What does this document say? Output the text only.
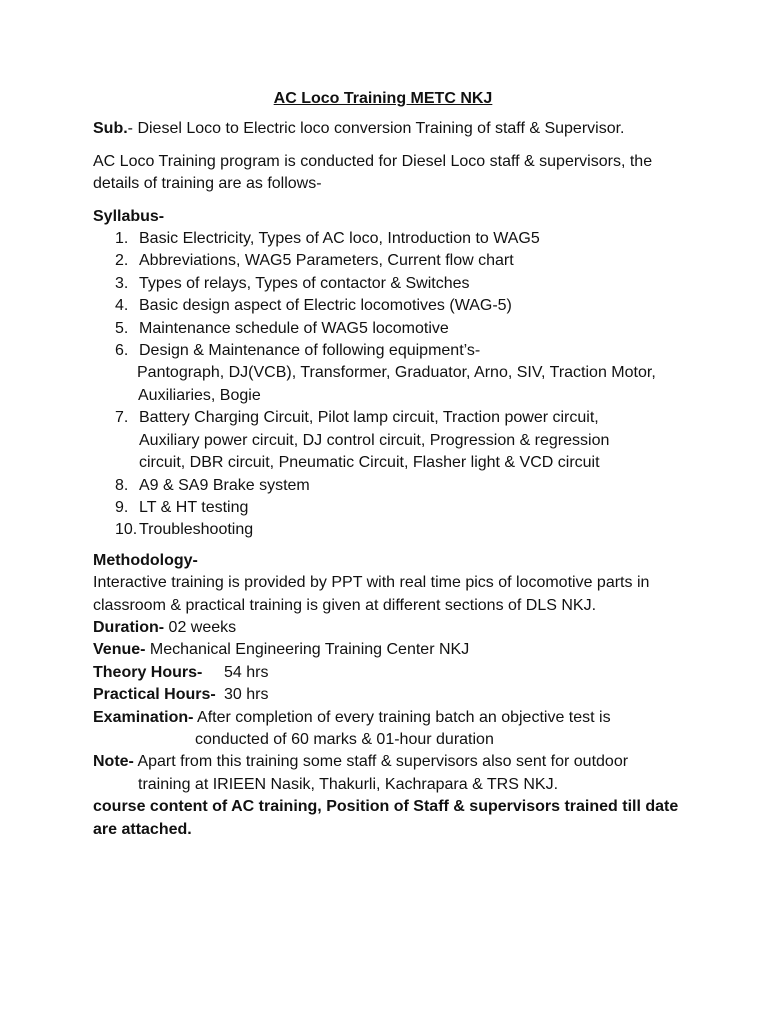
AC Loco Training METC NKJ

Sub.- Diesel Loco to Electric loco conversion Training of staff & Supervisor.

AC Loco Training program is conducted for Diesel Loco staff & supervisors, the details of training are as follows-

Syllabus-

1. Basic Electricity, Types of AC loco, Introduction to WAG5
2. Abbreviations, WAG5 Parameters, Current flow chart
3. Types of relays, Types of contactor & Switches
4. Basic design aspect of Electric locomotives (WAG-5)
5. Maintenance schedule of WAG5 locomotive
6. Design & Maintenance of following equipment’s-
Pantograph, DJ(VCB), Transformer, Graduator, Arno, SIV, Traction Motor,
Auxiliaries, Bogie
7. Battery Charging Circuit, Pilot lamp circuit, Traction power circuit,
Auxiliary power circuit, DJ control circuit, Progression & regression
circuit, DBR circuit, Pneumatic Circuit, Flasher light & VCD circuit
8. A9 & SA9 Brake system
9. LT & HT testing
10. Troubleshooting

Methodology-

Interactive training is provided by PPT with real time pics of locomotive parts in classroom & practical training is given at different sections of DLS NKJ.

Duration- 02 weeks

Venue- Mechanical Engineering Training Center NKJ

Theory Hours- 54 hrs

Practical Hours- 30 hrs

Examination- After completion of every training batch an objective test is

conducted of 60 marks & 01-hour duration

Note- Apart from this training some staff & supervisors also sent for outdoor

training at IRIEEN Nasik, Thakurli, Kachrapara & TRS NKJ.

course content of AC training, Position of Staff & supervisors trained till date are attached.
